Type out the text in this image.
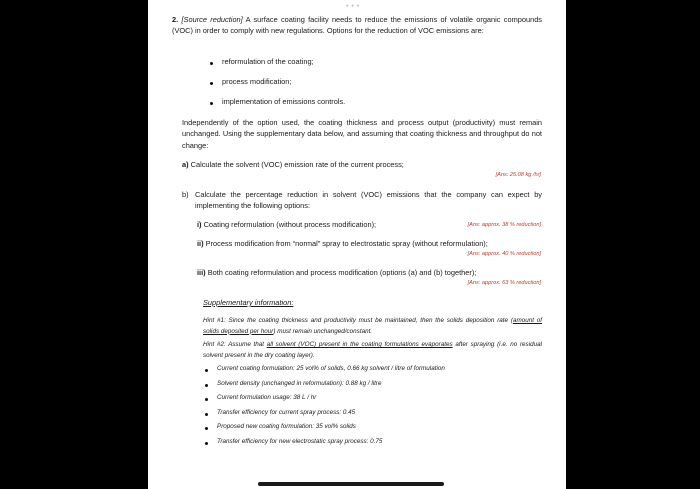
• • •
2. [Source reduction] A surface coating facility needs to reduce the emissions of volatile organic compounds (VOC) in order to comply with new regulations. Options for the reduction of VOC emissions are:
reformulation of the coating;
process modification;
implementation of emissions controls.
Independently of the option used, the coating thickness and process output (productivity) must remain unchanged. Using the supplementary data below, and assuming that coating thickness and throughput do not change:
a) Calculate the solvent (VOC) emission rate of the current process;
[Ans: 25.08 kg /hr]
b) Calculate the percentage reduction in solvent (VOC) emissions that the company can expect by implementing the following options:
i) Coating reformulation (without process modification);	[Ans: approx. 38 % reduction]
ii) Process modification from “normal” spray to electrostatic spray (without reformulation);
[Ans: approx. 40 % reduction]
iii) Both coating reformulation and process modification (options (a) and (b) together);
[Ans: approx. 63 % reduction]
Supplementary information:
Hint #1: Since the coating thickness and productivity must be maintained, then the solids deposition rate (amount of solids deposited per hour) must remain unchanged/constant.
Hint #2: Assume that all solvent (VOC) present in the coating formulations evaporates after spraying (i.e. no residual solvent present in the dry coating layer).
Current coating formulation: 25 vol% of solids, 0.66 kg solvent / litre of formulation
Solvent density (unchanged in reformulation): 0.88 kg / litre
Current formulation usage: 38 L / hr
Transfer efficiency for current spray process: 0.45
Proposed new coating formulation: 35 vol% solids
Transfer efficiency for new electrostatic spray process: 0.75
